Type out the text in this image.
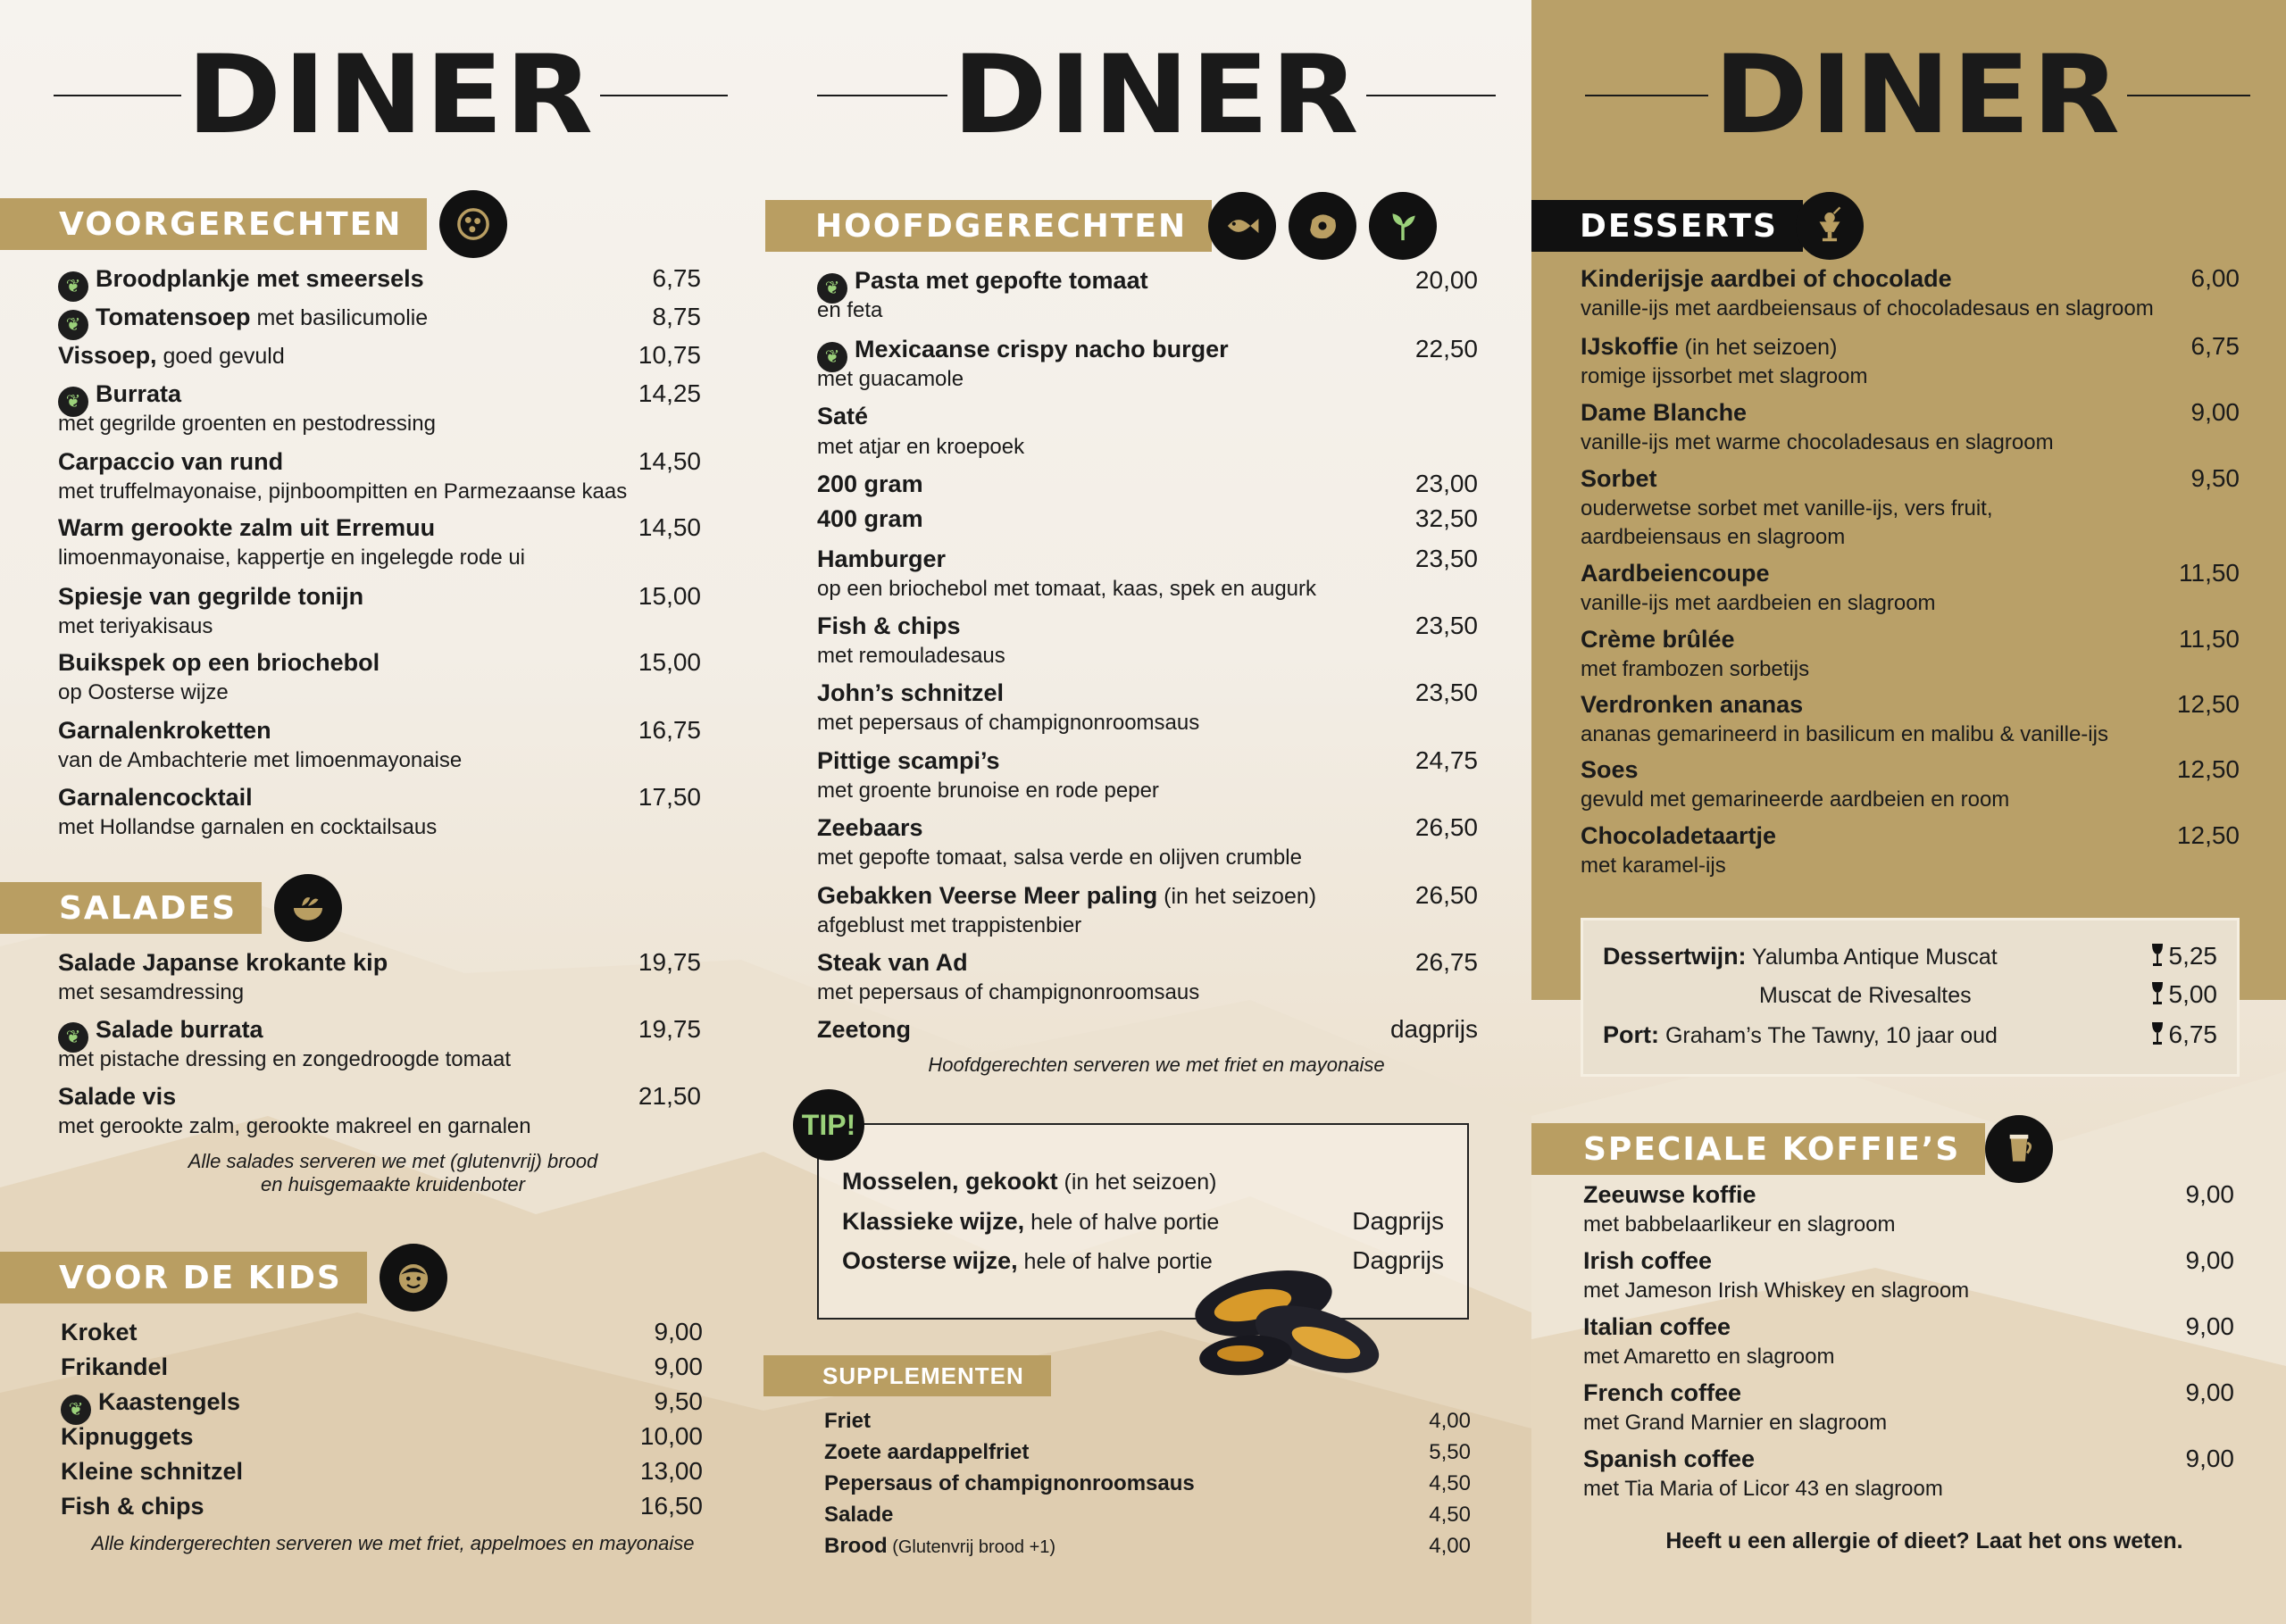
DINER
VOORGERECHTEN
❦ Broodplankje met smeersels	6,75
❦ Tomatensoep met basilicumolie	8,75
Vissoep, goed gevuld	10,75
❦ Burrata	14,25
met gegrilde groenten en pestodressing
Carpaccio van rund	14,50
met truffelmayonaise, pijnboompitten en Parmezaanse kaas
Warm gerookte zalm uit Erremuu	14,50
limoenmayonaise, kappertje en ingelegde rode ui
Spiesje van gegrilde tonijn	15,00
met teriyakisaus
Buikspek op een briochebol	15,00
op Oosterse wijze
Garnalenkroketten	16,75
van de Ambachterie met limoenmayonaise
Garnalencocktail	17,50
met Hollandse garnalen en cocktailsaus
SALADES
Salade Japanse krokante kip	19,75
met sesamdressing
❦ Salade burrata	19,75
met pistache dressing en zongedroogde tomaat
Salade vis	21,50
met gerookte zalm, gerookte makreel en garnalen
Alle salades serveren we met (glutenvrij) brood
en huisgemaakte kruidenboter
VOOR DE KIDS
Kroket	9,00
Frikandel	9,00
❦ Kaastengels	9,50
Kipnuggets	10,00
Kleine schnitzel	13,00
Fish & chips	16,50
Alle kindergerechten serveren we met friet, appelmoes en mayonaise
DINER
HOOFDGERECHTEN
❦ Pasta met gepofte tomaat	20,00
en feta
❦ Mexicaanse crispy nacho burger	22,50
met guacamole
Saté
met atjar en kroepoek
200 gram	23,00
400 gram	32,50
Hamburger	23,50
op een briochebol met tomaat, kaas, spek en augurk
Fish & chips	23,50
met remouladesaus
John’s schnitzel	23,50
met pepersaus of champignonroomsaus
Pittige scampi’s	24,75
met groente brunoise en rode peper
Zeebaars	26,50
met gepofte tomaat, salsa verde en olijven crumble
Gebakken Veerse Meer paling (in het seizoen)	26,50
afgeblust met trappistenbier
Steak van Ad	26,75
met pepersaus of champignonroomsaus
Zeetong	dagprijs
Hoofdgerechten serveren we met friet en mayonaise
Mosselen, gekookt (in het seizoen)
Klassieke wijze, hele of halve portie	Dagprijs
Oosterse wijze, hele of halve portie	Dagprijs
TIP!
SUPPLEMENTEN
Friet	4,00
Zoete aardappelfriet	5,50
Pepersaus of champignonroomsaus	4,50
Salade	4,50
Brood (Glutenvrij brood +1)	4,00
DINER
DESSERTS
Kinderijsje aardbei of chocolade	6,00
vanille-ijs met aardbeiensaus of chocoladesaus en slagroom
IJskoffie (in het seizoen)	6,75
romige ijssorbet met slagroom
Dame Blanche	9,00
vanille-ijs met warme chocoladesaus en slagroom
Sorbet	9,50
ouderwetse sorbet met vanille-ijs, vers fruit,
aardbeiensaus en slagroom
Aardbeiencoupe	11,50
vanille-ijs met aardbeien en slagroom
Crème brûlée	11,50
met frambozen sorbetijs
Verdronken ananas	12,50
ananas gemarineerd in basilicum en malibu & vanille-ijs
Soes	12,50
gevuld met gemarineerde aardbeien en room
Chocoladetaartje	12,50
met karamel-ijs
Dessertwijn: Yalumba Antique Muscat	5,25
Muscat de Rivesaltes	5,00
Port: Graham’s The Tawny, 10 jaar oud	6,75
SPECIALE KOFFIE’S
Zeeuwse koffie	9,00
met babbelaarlikeur en slagroom
Irish coffee	9,00
met Jameson Irish Whiskey en slagroom
Italian coffee	9,00
met Amaretto en slagroom
French coffee	9,00
met Grand Marnier en slagroom
Spanish coffee	9,00
met Tia Maria of Licor 43 en slagroom
Heeft u een allergie of dieet? Laat het ons weten.
